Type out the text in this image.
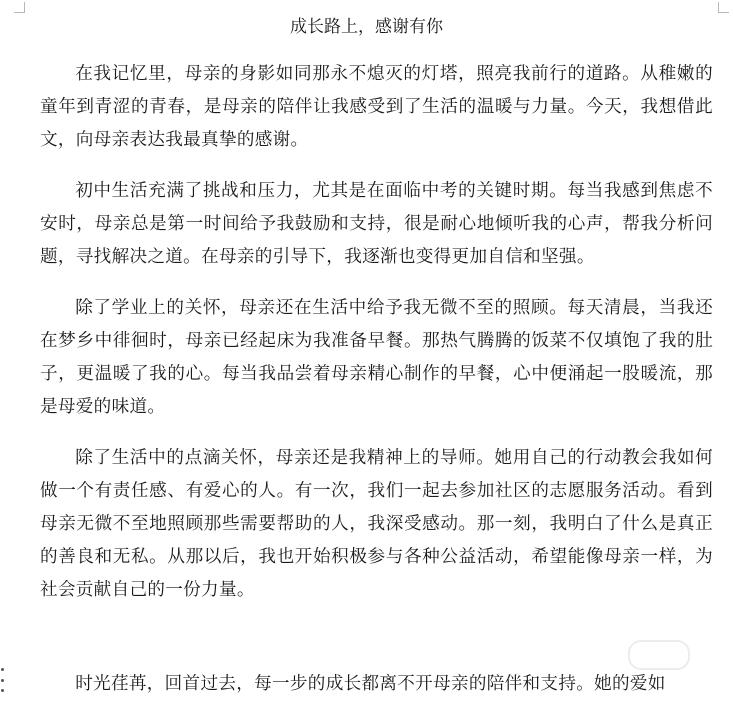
成长路上，感谢有你

在我记忆里，母亲的身影如同那永不熄灭的灯塔，照亮我前行的道路。从稚嫩的童年到青涩的青春，是母亲的陪伴让我感受到了生活的温暖与力量。今天，我想借此文，向母亲表达我最真挚的感谢。

初中生活充满了挑战和压力，尤其是在面临中考的关键时期。每当我感到焦虑不安时，母亲总是第一时间给予我鼓励和支持，很是耐心地倾听我的心声，帮我分析问题，寻找解决之道。在母亲的引导下，我逐渐也变得更加自信和坚强。

除了学业上的关怀，母亲还在生活中给予我无微不至的照顾。每天清晨，当我还在梦乡中徘徊时，母亲已经起床为我准备早餐。那热气腾腾的饭菜不仅填饱了我的肚子，更温暖了我的心。每当我品尝着母亲精心制作的早餐，心中便涌起一股暖流，那是母爱的味道。

除了生活中的点滴关怀，母亲还是我精神上的导师。她用自己的行动教会我如何做一个有责任感、有爱心的人。有一次，我们一起去参加社区的志愿服务活动。看到母亲无微不至地照顾那些需要帮助的人，我深受感动。那一刻，我明白了什么是真正的善良和无私。从那以后，我也开始积极参与各种公益活动，希望能像母亲一样，为社会贡献自己的一份力量。

时光荏苒，回首过去，每一步的成长都离不开母亲的陪伴和支持。她的爱如
